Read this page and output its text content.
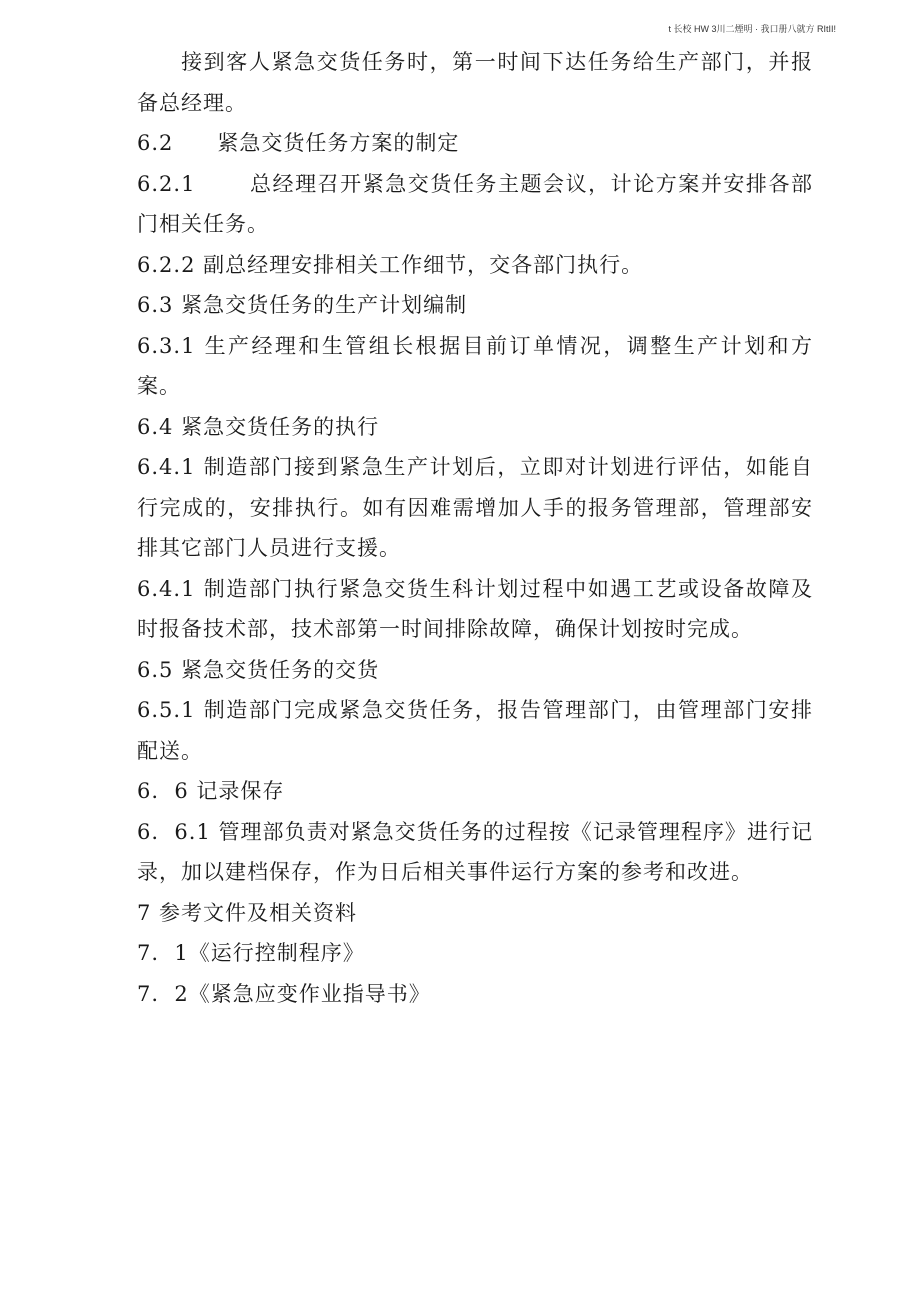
t 长校 HW 3川二煙明 · 我口册八就方 RItII!

接到客人紧急交货任务时，第一时间下达任务给生产部门，并报备总经理。

6.2 紧急交货任务方案的制定

6.2.1	总经理召开紧急交货任务主题会议，计论方案并安排各部门相关任务。

6.2.2 副总经理安排相关工作细节，交各部门执行。

6.3 紧急交货任务的生产计划编制

6.3.1 生产经理和生管组长根据目前订单情况，调整生产计划和方案。

6.4 紧急交货任务的执行

6.4.1 制造部门接到紧急生产计划后，立即对计划进行评估，如能自行完成的，安排执行。如有因难需增加人手的报务管理部，管理部安排其它部门人员进行支援。

6.4.1 制造部门执行紧急交货生科计划过程中如遇工艺或设备故障及时报备技术部，技术部第一时间排除故障，确保计划按时完成。

6.5 紧急交货任务的交货

6.5.1 制造部门完成紧急交货任务，报告管理部门，由管理部门安排配送。

6.  6 记录保存

6.  6.1 管理部负责对紧急交货任务的过程按《记录管理程序》进行记录，加以建档保存，作为日后相关事件运行方案的参考和改进。

7 参考文件及相关资料

7.  1《运行控制程序》

7.  2《紧急应变作业指导书》
